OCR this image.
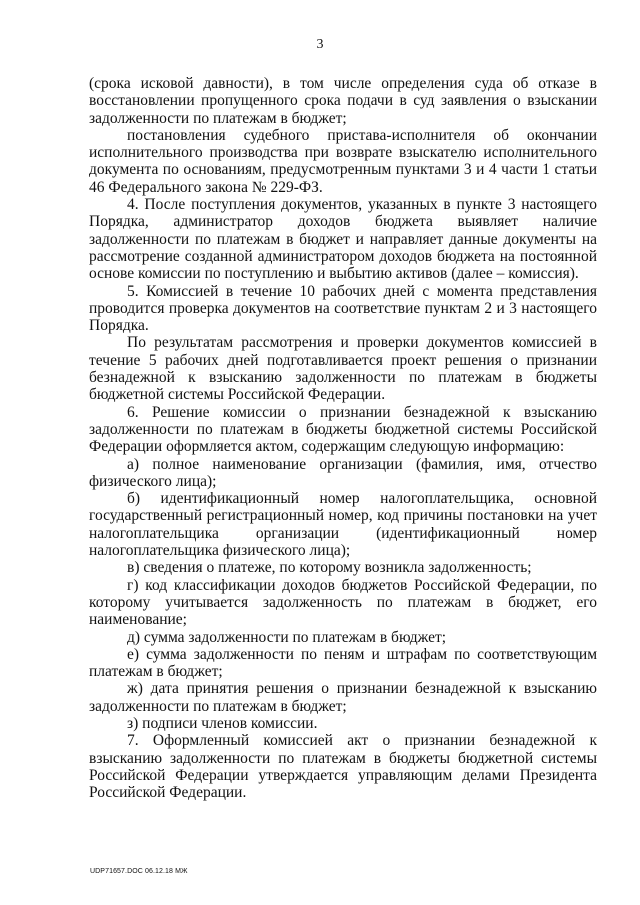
3

(срока исковой давности), в том числе определения суда об отказе в восстановлении пропущенного срока подачи в суд заявления о взыскании задолженности по платежам в бюджет;

постановления судебного пристава-исполнителя об окончании исполнительного производства при возврате взыскателю исполнительного документа по основаниям, предусмотренным пунктами 3 и 4 части 1 статьи 46 Федерального закона № 229-ФЗ.

4. После поступления документов, указанных в пункте 3 настоящего Порядка, администратор доходов бюджета выявляет наличие задолженности по платежам в бюджет и направляет данные документы на рассмотрение созданной администратором доходов бюджета на постоянной основе комиссии по поступлению и выбытию активов (далее – комиссия).

5. Комиссией в течение 10 рабочих дней с момента представления проводится проверка документов на соответствие пунктам 2 и 3 настоящего Порядка.

По результатам рассмотрения и проверки документов комиссией в течение 5 рабочих дней подготавливается проект решения о признании безнадежной к взысканию задолженности по платежам в бюджеты бюджетной системы Российской Федерации.

6. Решение комиссии о признании безнадежной к взысканию задолженности по платежам в бюджеты бюджетной системы Российской Федерации оформляется актом, содержащим следующую информацию:

а) полное наименование организации (фамилия, имя, отчество физического лица);

б) идентификационный номер налогоплательщика, основной государственный регистрационный номер, код причины постановки на учет налогоплательщика организации (идентификационный номер налогоплательщика физического лица);

в) сведения о платеже, по которому возникла задолженность;

г) код классификации доходов бюджетов Российской Федерации, по которому учитывается задолженность по платежам в бюджет, его наименование;

д) сумма задолженности по платежам в бюджет;

е) сумма задолженности по пеням и штрафам по соответствующим платежам в бюджет;

ж) дата принятия решения о признании безнадежной к взысканию задолженности по платежам в бюджет;

з) подписи членов комиссии.

7. Оформленный комиссией акт о признании безнадежной к взысканию задолженности по платежам в бюджеты бюджетной системы Российской Федерации утверждается управляющим делами Президента Российской Федерации.

UDP71657.DOC 06.12.18 МЖ
